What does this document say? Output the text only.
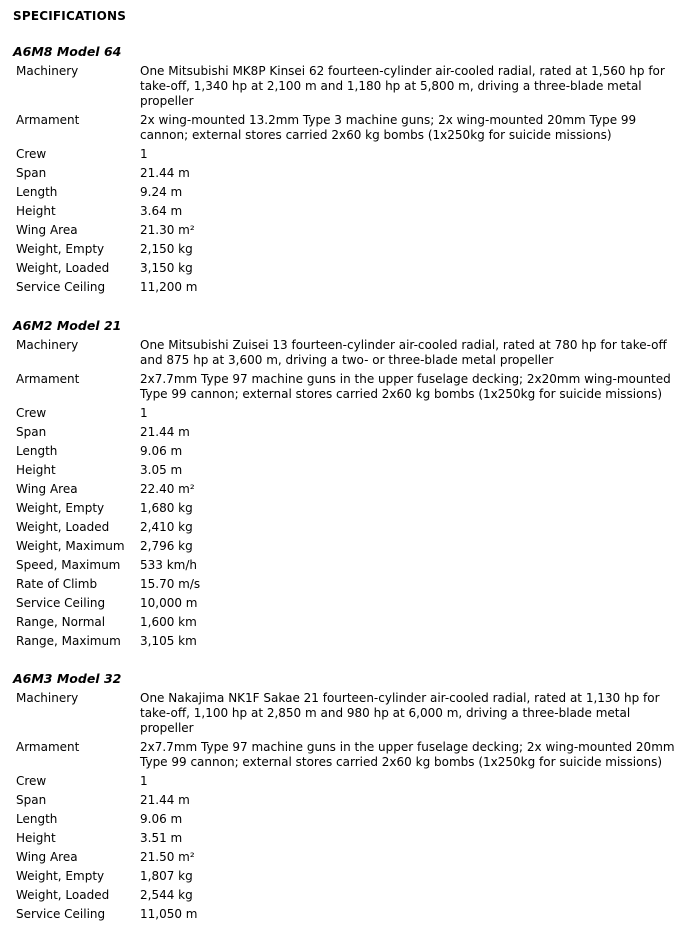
SPECIFICATIONS
A6M8 Model 64
Machinery	One Mitsubishi MK8P Kinsei 62 fourteen-cylinder air-cooled radial, rated at 1,560 hp for take-off, 1,340 hp at 2,100 m and 1,180 hp at 5,800 m, driving a three-blade metal propeller
Armament	2x wing-mounted 13.2mm Type 3 machine guns; 2x wing-mounted 20mm Type 99 cannon; external stores carried 2x60 kg bombs (1x250kg for suicide missions)
Crew	1
Span	21.44 m
Length	9.24 m
Height	3.64 m
Wing Area	21.30 m²
Weight, Empty	2,150 kg
Weight, Loaded	3,150 kg
Service Ceiling	11,200 m
A6M2 Model 21
Machinery	One Mitsubishi Zuisei 13 fourteen-cylinder air-cooled radial, rated at 780 hp for take-off and 875 hp at 3,600 m, driving a two- or three-blade metal propeller
Armament	2x7.7mm Type 97 machine guns in the upper fuselage decking; 2x20mm wing-mounted Type 99 cannon; external stores carried 2x60 kg bombs (1x250kg for suicide missions)
Crew	1
Span	21.44 m
Length	9.06 m
Height	3.05 m
Wing Area	22.40 m²
Weight, Empty	1,680 kg
Weight, Loaded	2,410 kg
Weight, Maximum	2,796 kg
Speed, Maximum	533 km/h
Rate of Climb	15.70 m/s
Service Ceiling	10,000 m
Range, Normal	1,600 km
Range, Maximum	3,105 km
A6M3 Model 32
Machinery	One Nakajima NK1F Sakae 21 fourteen-cylinder air-cooled radial, rated at 1,130 hp for take-off, 1,100 hp at 2,850 m and 980 hp at 6,000 m, driving a three-blade metal propeller
Armament	2x7.7mm Type 97 machine guns in the upper fuselage decking; 2x wing-mounted 20mm Type 99 cannon; external stores carried 2x60 kg bombs (1x250kg for suicide missions)
Crew	1
Span	21.44 m
Length	9.06 m
Height	3.51 m
Wing Area	21.50 m²
Weight, Empty	1,807 kg
Weight, Loaded	2,544 kg
Service Ceiling	11,050 m
